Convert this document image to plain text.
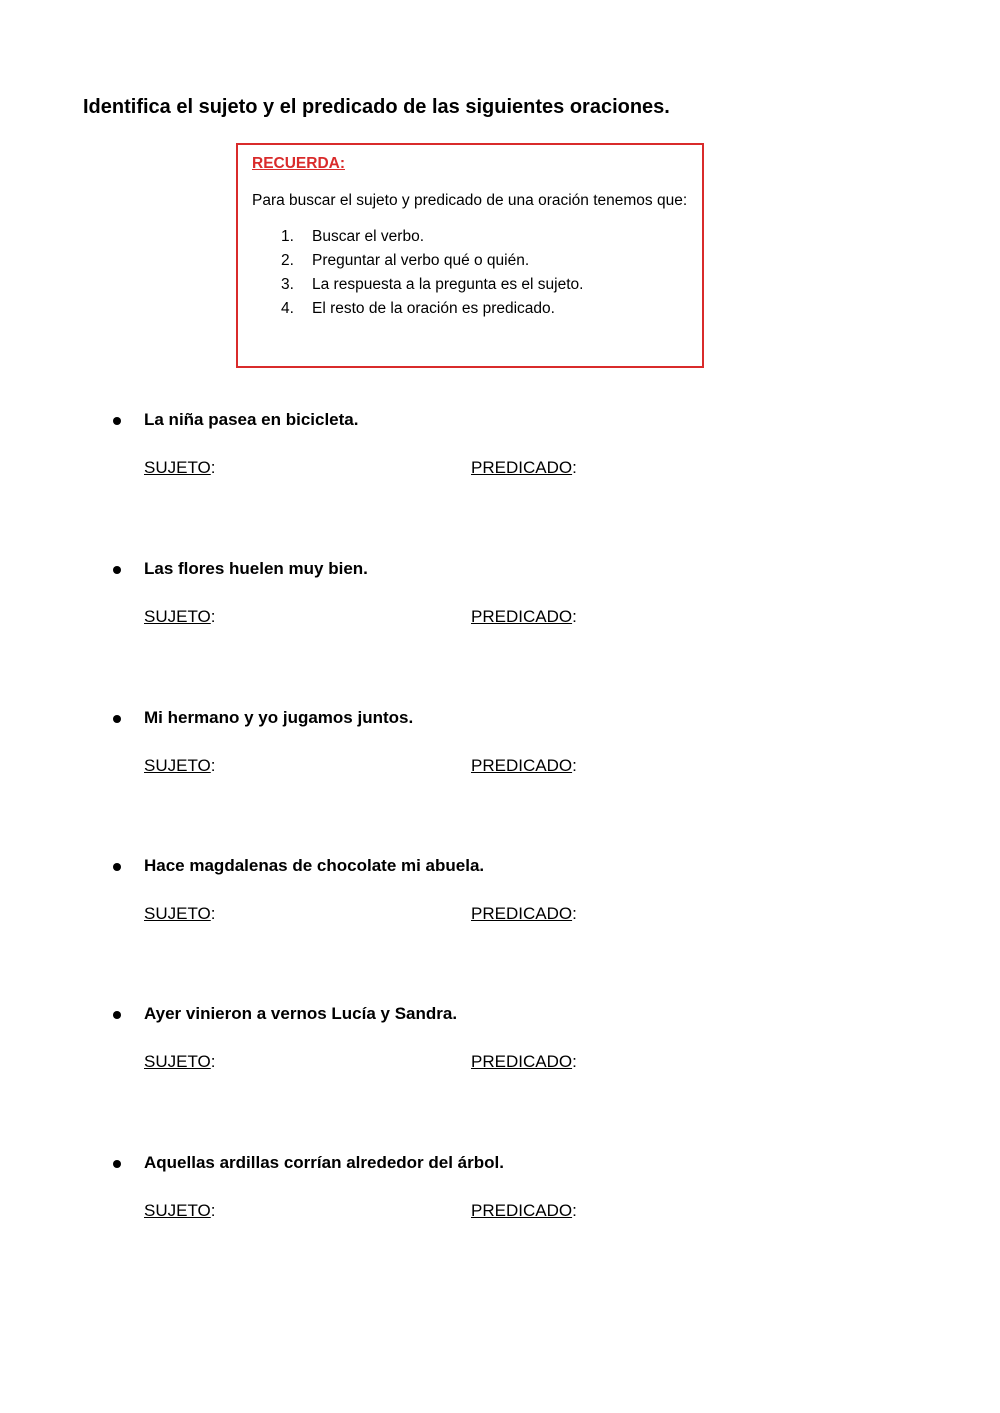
Identifica el sujeto y el predicado de las siguientes oraciones.

RECUERDA:

Para buscar el sujeto y predicado de una oración tenemos que:

1.	Buscar el verbo.
2.	Preguntar al verbo qué o quién.
3.	La respuesta a la pregunta es el sujeto.
4.	El resto de la oración es predicado.
La niña pasea en bicicleta.
SUJETO:	PREDICADO:
Las flores huelen muy bien.
SUJETO:	PREDICADO:
Mi hermano y yo jugamos juntos.
SUJETO:	PREDICADO:
Hace magdalenas de chocolate mi abuela.
SUJETO:	PREDICADO:
Ayer vinieron a vernos Lucía y Sandra.
SUJETO:	PREDICADO:
Aquellas ardillas corrían alrededor del árbol.
SUJETO:	PREDICADO:
